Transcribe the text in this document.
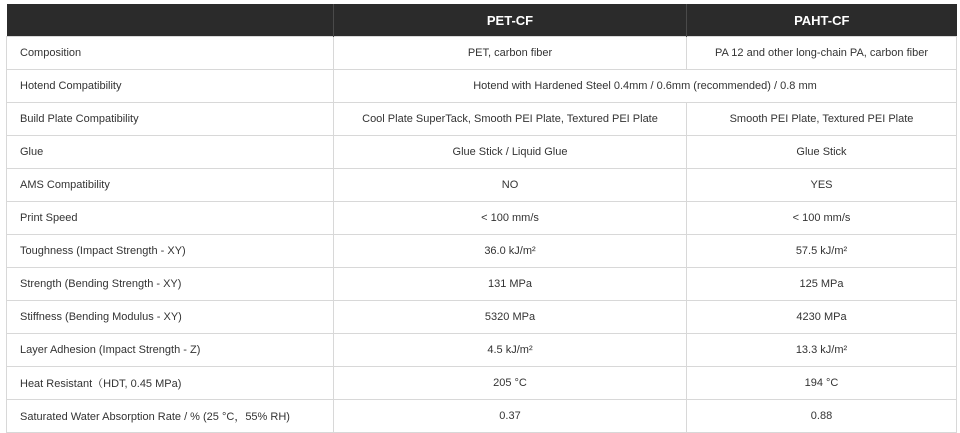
	PET-CF	PAHT-CF
Composition	PET, carbon fiber	PA 12 and other long-chain PA, carbon fiber
Hotend Compatibility	Hotend with Hardened Steel 0.4mm / 0.6mm (recommended) / 0.8 mm	
Build Plate Compatibility	Cool Plate SuperTack, Smooth PEI Plate, Textured PEI Plate	Smooth PEI Plate, Textured PEI Plate
Glue	Glue Stick / Liquid Glue	Glue Stick
AMS Compatibility	NO	YES
Print Speed	< 100 mm/s	< 100 mm/s
Toughness (Impact Strength - XY)	36.0 kJ/m²	57.5 kJ/m²
Strength (Bending Strength - XY)	131 MPa	125 MPa
Stiffness (Bending Modulus - XY)	5320 MPa	4230 MPa
Layer Adhesion (Impact Strength - Z)	4.5 kJ/m²	13.3 kJ/m²
Heat Resistant（HDT, 0.45 MPa)	205 °C	194 °C
Saturated Water Absorption Rate / % (25 °C，55% RH)	0.37	0.88
